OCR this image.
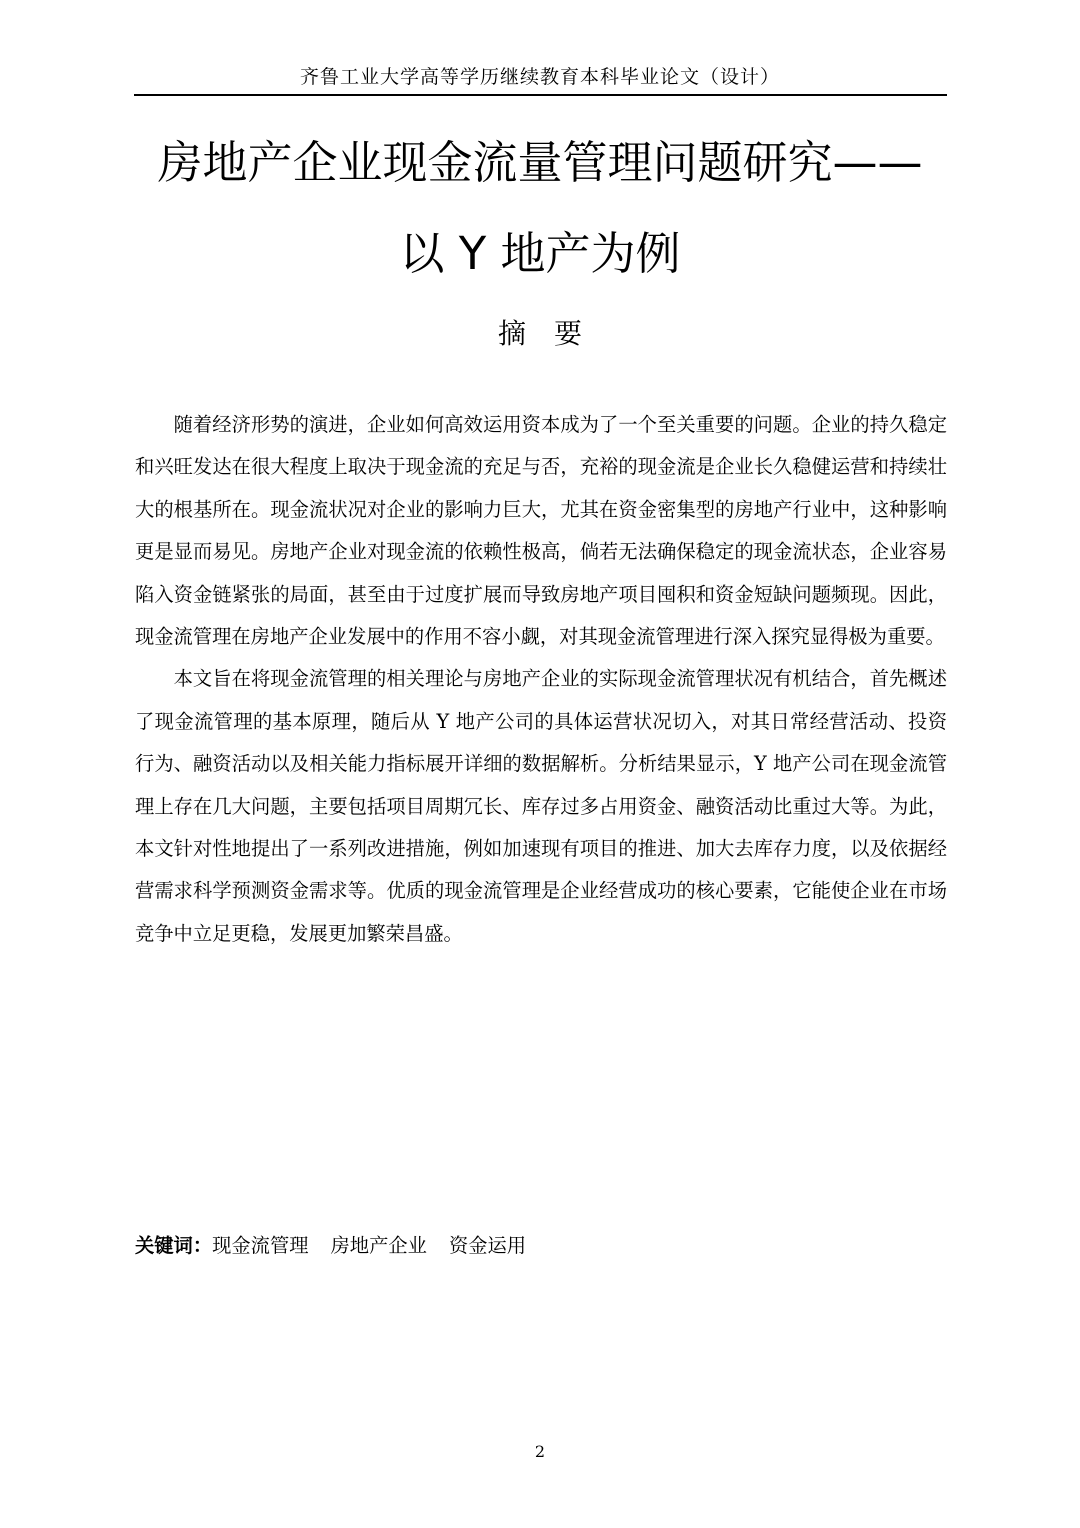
齐鲁工业大学高等学历继续教育本科毕业论文（设计）
房地产企业现金流量管理问题研究——
以 Y 地产为例
摘要

随着经济形势的演进，企业如何高效运用资本成为了一个至关重要的问题。企业的持久稳定和兴旺发达在很大程度上取决于现金流的充足与否，充裕的现金流是企业长久稳健运营和持续壮大的根基所在。现金流状况对企业的影响力巨大，尤其在资金密集型的房地产行业中，这种影响更是显而易见。房地产企业对现金流的依赖性极高，倘若无法确保稳定的现金流状态，企业容易陷入资金链紧张的局面，甚至由于过度扩展而导致房地产项目囤积和资金短缺问题频现。因此，现金流管理在房地产企业发展中的作用不容小觑，对其现金流管理进行深入探究显得极为重要。

本文旨在将现金流管理的相关理论与房地产企业的实际现金流管理状况有机结合，首先概述了现金流管理的基本原理，随后从 Y 地产公司的具体运营状况切入，对其日常经营活动、投资行为、融资活动以及相关能力指标展开详细的数据解析。分析结果显示，Y 地产公司在现金流管理上存在几大问题，主要包括项目周期冗长、库存过多占用资金、融资活动比重过大等。为此，本文针对性地提出了一系列改进措施，例如加速现有项目的推进、加大去库存力度，以及依据经营需求科学预测资金需求等。优质的现金流管理是企业经营成功的核心要素，它能使企业在市场竞争中立足更稳，发展更加繁荣昌盛。

关键词：现金流管理 房地产企业 资金运用
2
